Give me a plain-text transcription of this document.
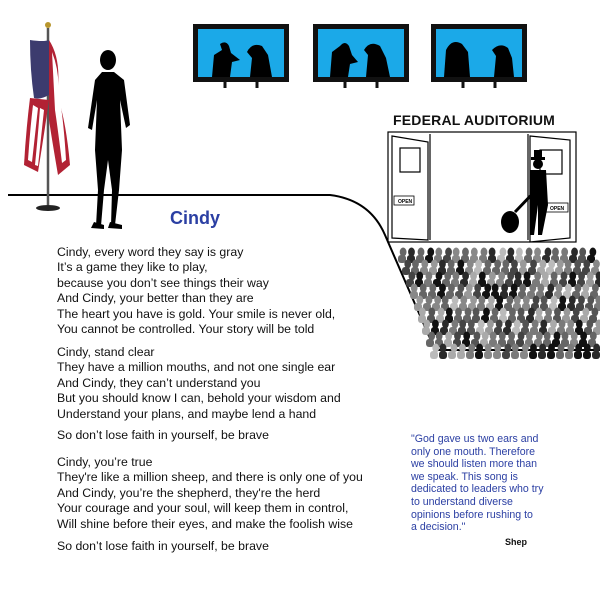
OPEN
OPEN
Cindy
FEDERAL AUDITORIUM
Cindy, every word they say is gray
It’s a game they like to play,
because you don’t see things their way
And Cindy, your better than they are
The heart you have is gold. Your smile is never old,
You cannot be controlled. Your story will be told
Cindy, stand clear
They have a million mouths, and not one single ear
And Cindy, they can’t understand you
But you should know I can, behold your wisdom and
Understand your plans, and maybe lend a hand
So don’t lose faith in yourself, be brave
Cindy, you’re true
They're like a million sheep, and there is only one of you
And Cindy, you’re the shepherd, they're the herd
Your courage and your soul, will keep them in control,
Will shine before their eyes, and make the foolish wise
So don’t lose faith in yourself, be brave
"God gave us two ears and
only one mouth. Therefore
we should listen more than
we speak. This song is
dedicated to leaders who try
to understand diverse
opinions before rushing to
a decision."
Shep
